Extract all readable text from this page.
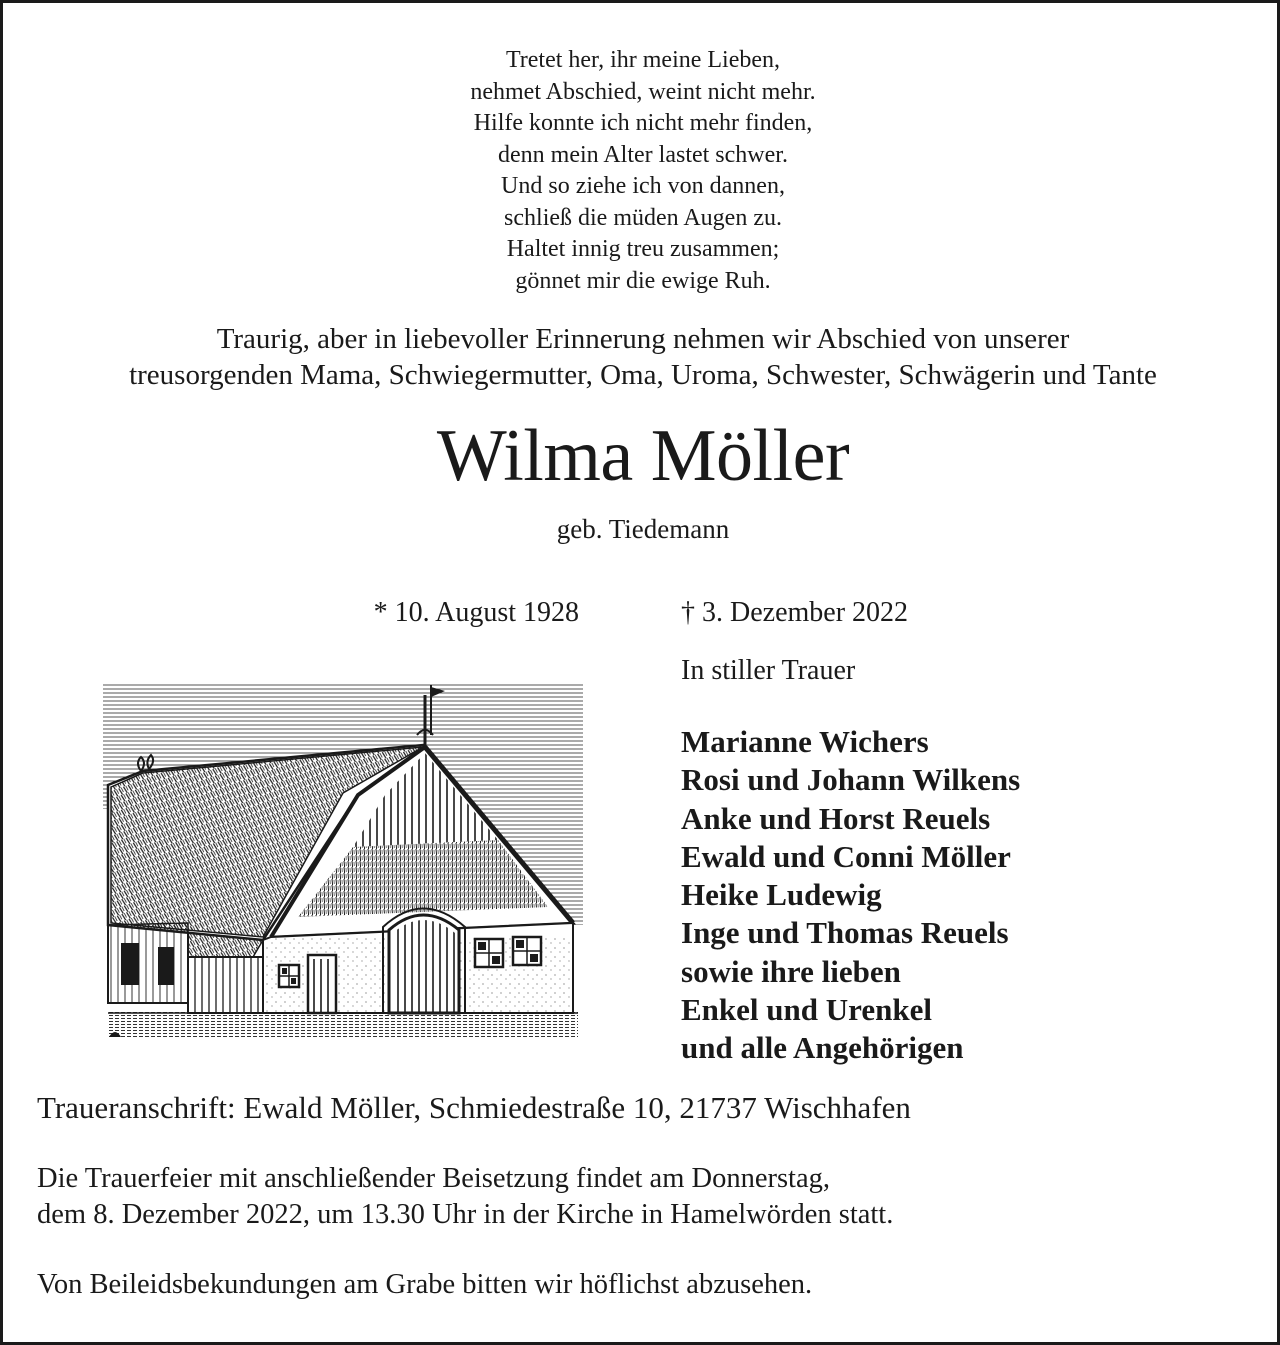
Tretet her, ihr meine Lieben,
nehmet Abschied, weint nicht mehr.
Hilfe konnte ich nicht mehr finden,
denn mein Alter lastet schwer.
Und so ziehe ich von dannen,
schließ die müden Augen zu.
Haltet innig treu zusammen;
gönnet mir die ewige Ruh.
Traurig, aber in liebevoller Erinnerung nehmen wir Abschied von unserer
treusorgenden Mama, Schwiegermutter, Oma, Uroma, Schwester, Schwägerin und Tante
Wilma Möller
geb. Tiedemann
* 10. August 1928	† 3. Dezember 2022
In stiller Trauer
Marianne Wichers
Rosi und Johann Wilkens
Anke und Horst Reuels
Ewald und Conni Möller
Heike Ludewig
Inge und Thomas Reuels
sowie ihre lieben
Enkel und Urenkel
und alle Angehörigen
Traueranschrift: Ewald Möller, Schmiedestraße 10, 21737 Wischhafen
Die Trauerfeier mit anschließender Beisetzung findet am Donnerstag,
dem 8. Dezember 2022, um 13.30 Uhr in der Kirche in Hamelwörden statt.
Von Beileidsbekundungen am Grabe bitten wir höflichst abzusehen.
